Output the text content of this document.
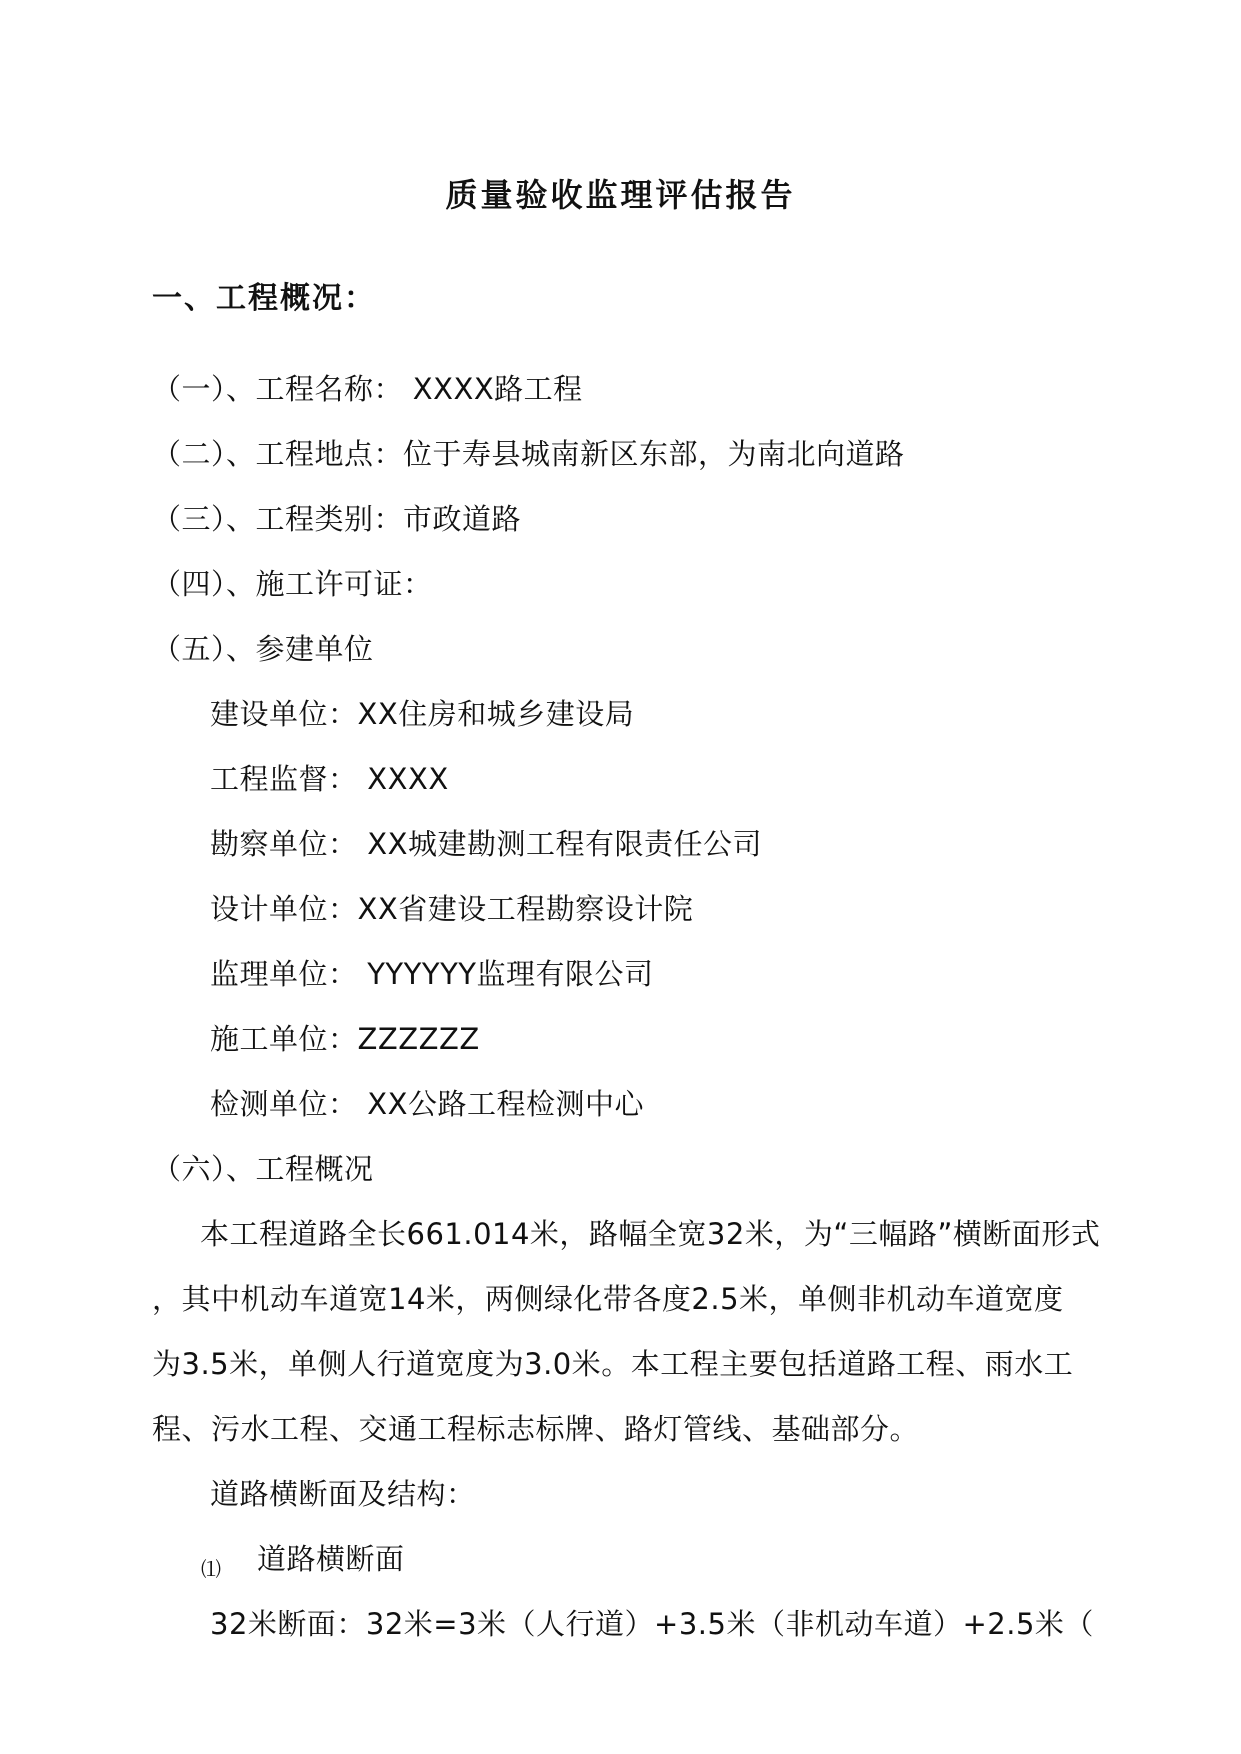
质量验收监理评估报告
一、工程概况：
（一）、工程名称： XXXX路工程
（二）、工程地点：位于寿县城南新区东部，为南北向道路
（三）、工程类别：市政道路
（四）、施工许可证：
（五）、参建单位
建设单位：XX住房和城乡建设局
工程监督： XXXX
勘察单位： XX城建勘测工程有限责任公司
设计单位：XX省建设工程勘察设计院
监理单位： YYYYYY监理有限公司
施工单位：ZZZZZZ
检测单位： XX公路工程检测中心
（六）、工程概况
本工程道路全长661.014米，路幅全宽32米，为“三幅路”横断面形式
，其中机动车道宽14米，两侧绿化带各度2.5米，单侧非机动车道宽度
为3.5米，单侧人行道宽度为3.0米。本工程主要包括道路工程、雨水工
程、污水工程、交通工程标志标牌、路灯管线、基础部分。
道路横断面及结构：
⑴ 道路横断面
32米断面：32米=3米（人行道）+3.5米（非机动车道）+2.5米（
